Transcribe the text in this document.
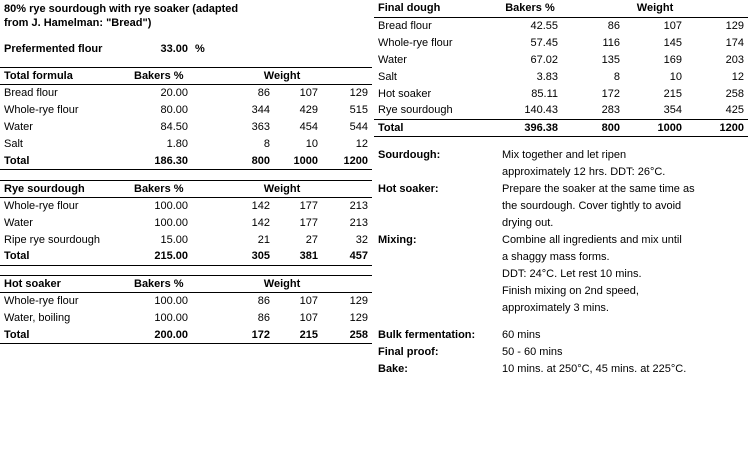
80% rye sourdough with rye soaker (adapted
from J. Hamelman: "Bread")

Prefermented flour	33.00	%		

Total formula	Bakers %	Weight		
Bread flour	20.00	86	107	129
Whole-rye flour	80.00	344	429	515
Water	84.50	363	454	544
Salt	1.80	8	10	12
Total	186.30	800	1000	1200

Rye sourdough	Bakers %	Weight		
Whole-rye flour	100.00	142	177	213
Water	100.00	142	177	213
Ripe rye sourdough	15.00	21	27	32
Total	215.00	305	381	457

Hot soaker	Bakers %	Weight		
Whole-rye flour	100.00	86	107	129
Water, boiling	100.00	86	107	129
Total	200.00	172	215	258
Final dough	Bakers %	Weight		
Bread flour	42.55	86	107	129
Whole-rye flour	57.45	116	145	174
Water	67.02	135	169	203
Salt	3.83	8	10	12
Hot soaker	85.11	172	215	258
Rye sourdough	140.43	283	354	425
Total	396.38	800	1000	1200

Sourdough:	Mix together and let ripen
	approximately 12 hrs. DDT: 26°C.
Hot soaker:	Prepare the soaker at the same time as
	the sourdough. Cover tightly to avoid
	drying out.
Mixing:	Combine all ingredients and mix until
	a shaggy mass forms.
	DDT: 24°C. Let rest 10 mins.
	Finish mixing on 2nd speed,
	approximately 3 mins.

Bulk fermentation:	60 mins
Final proof:	50 - 60 mins
Bake:	10 mins. at 250°C, 45 mins. at 225°C.
